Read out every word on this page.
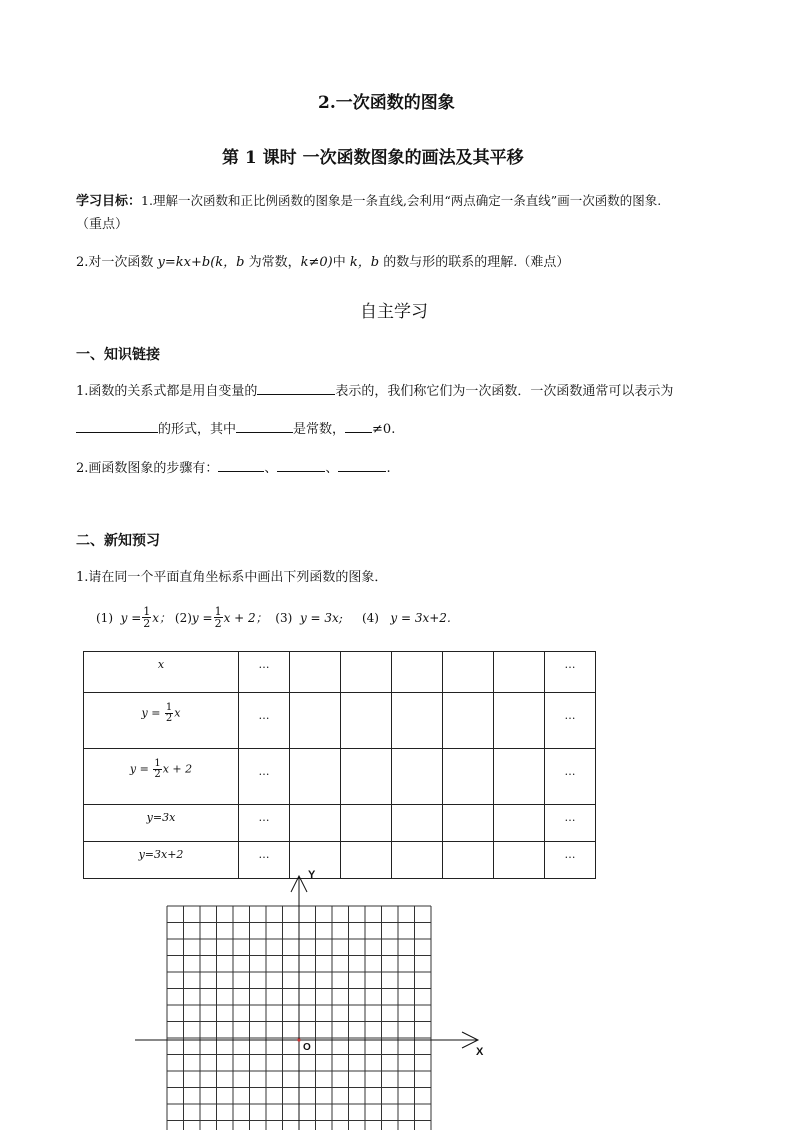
2.一次函数的图象
第 1 课时 一次函数图象的画法及其平移
学习目标：1.理解一次函数和正比例函数的图象是一条直线,会利用“两点确定一条直线”画一次函数的图象.
（重点）
2.对一次函数 y=kx+b(k，b 为常数，k≠0)中 k，b 的数与形的联系的理解.（难点）
自主学习
一、知识链接
1.函数的关系式都是用自变量的	表示的，我们称它们为一次函数．一次函数通常可以表示为
的形式，其中	是常数， ≠0.
2.画函数图象的步骤有：	、	、	.
二、新知预习
1.请在同一个平面直角坐标系中画出下列函数的图象．
(1)
$y = \frac{1}{2}$ x；
(2) $y = \frac{1}{2}$ x + 2；
(3)
y = 3x;
(4)
y = 3x+2.
x	…						…
$y = \frac{1}{2}$ x	…						…
$y = \frac{1}{2}$ x + 2	…						…
y=3x	…						…
y=3x+2	…						…
Y
X
O
